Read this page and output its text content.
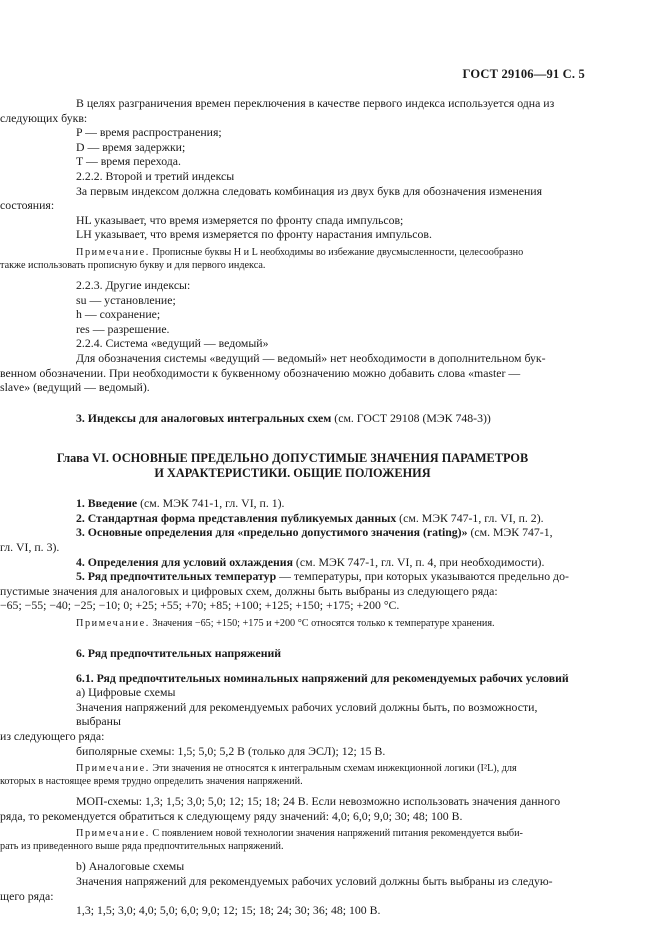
ГОСТ 29106—91 С. 5

В целях разграничения времен переключения в качестве первого индекса используется одна из

следующих букв:

P — время распространения;

D — время задержки;

T — время перехода.

2.2.2. Второй и третий индексы

За первым индексом должна следовать комбинация из двух букв для обозначения изменения

состояния:

HL указывает, что время измеряется по фронту спада импульсов;

LH указывает, что время измеряется по фронту нарастания импульсов.

Примечание. Прописные буквы H и L необходимы во избежание двусмысленности, целесообразно

также использовать прописную букву и для первого индекса.

2.2.3. Другие индексы:

su — установление;

h — сохранение;

res — разрешение.

2.2.4. Система «ведущий — ведомый»

Для обозначения системы «ведущий — ведомый» нет необходимости в дополнительном бук-

венном обозначении. При необходимости к буквенному обозначению можно добавить слова «master —

slave» (ведущий — ведомый).

3. Индексы для аналоговых интегральных схем (см. ГОСТ 29108 (МЭК 748-3))

Глава VI. ОСНОВНЫЕ ПРЕДЕЛЬНО ДОПУСТИМЫЕ ЗНАЧЕНИЯ ПАРАМЕТРОВ

И ХАРАКТЕРИСТИКИ. ОБЩИЕ ПОЛОЖЕНИЯ

1. Введение (см. МЭК 741-1, гл. VI, п. 1).

2. Стандартная форма представления публикуемых данных (см. МЭК 747-1, гл. VI, п. 2).

3. Основные определения для «предельно допустимого значения (rating)» (см. МЭК 747-1,

гл. VI, п. 3).

4. Определения для условий охлаждения (см. МЭК 747-1, гл. VI, п. 4, при необходимости).

5. Ряд предпочтительных температур — температуры, при которых указываются предельно до-

пустимые значения для аналоговых и цифровых схем, должны быть выбраны из следующего ряда:

−65; −55; −40; −25; −10; 0; +25; +55; +70; +85; +100; +125; +150; +175; +200 °C.

Примечание. Значения −65; +150; +175 и +200 °C относятся только к температуре хранения.

6. Ряд предпочтительных напряжений

6.1. Ряд предпочтительных номинальных напряжений для рекомендуемых рабочих условий

а) Цифровые схемы

Значения напряжений для рекомендуемых рабочих условий должны быть, по возможности, выбраны

из следующего ряда:

биполярные схемы: 1,5; 5,0; 5,2 В (только для ЭСЛ); 12; 15 В.

Примечание. Эти значения не относятся к интегральным схемам инжекционной логики (I²L), для

которых в настоящее время трудно определить значения напряжений.

МОП-схемы: 1,3; 1,5; 3,0; 5,0; 12; 15; 18; 24 В. Если невозможно использовать значения данного

ряда, то рекомендуется обратиться к следующему ряду значений: 4,0; 6,0; 9,0; 30; 48; 100 В.

Примечание. С появлением новой технологии значения напряжений питания рекомендуется выби-

рать из приведенного выше ряда предпочтительных напряжений.

b) Аналоговые схемы

Значения напряжений для рекомендуемых рабочих условий должны быть выбраны из следую-

щего ряда:

1,3; 1,5; 3,0; 4,0; 5,0; 6,0; 9,0; 12; 15; 18; 24; 30; 36; 48; 100 В.
